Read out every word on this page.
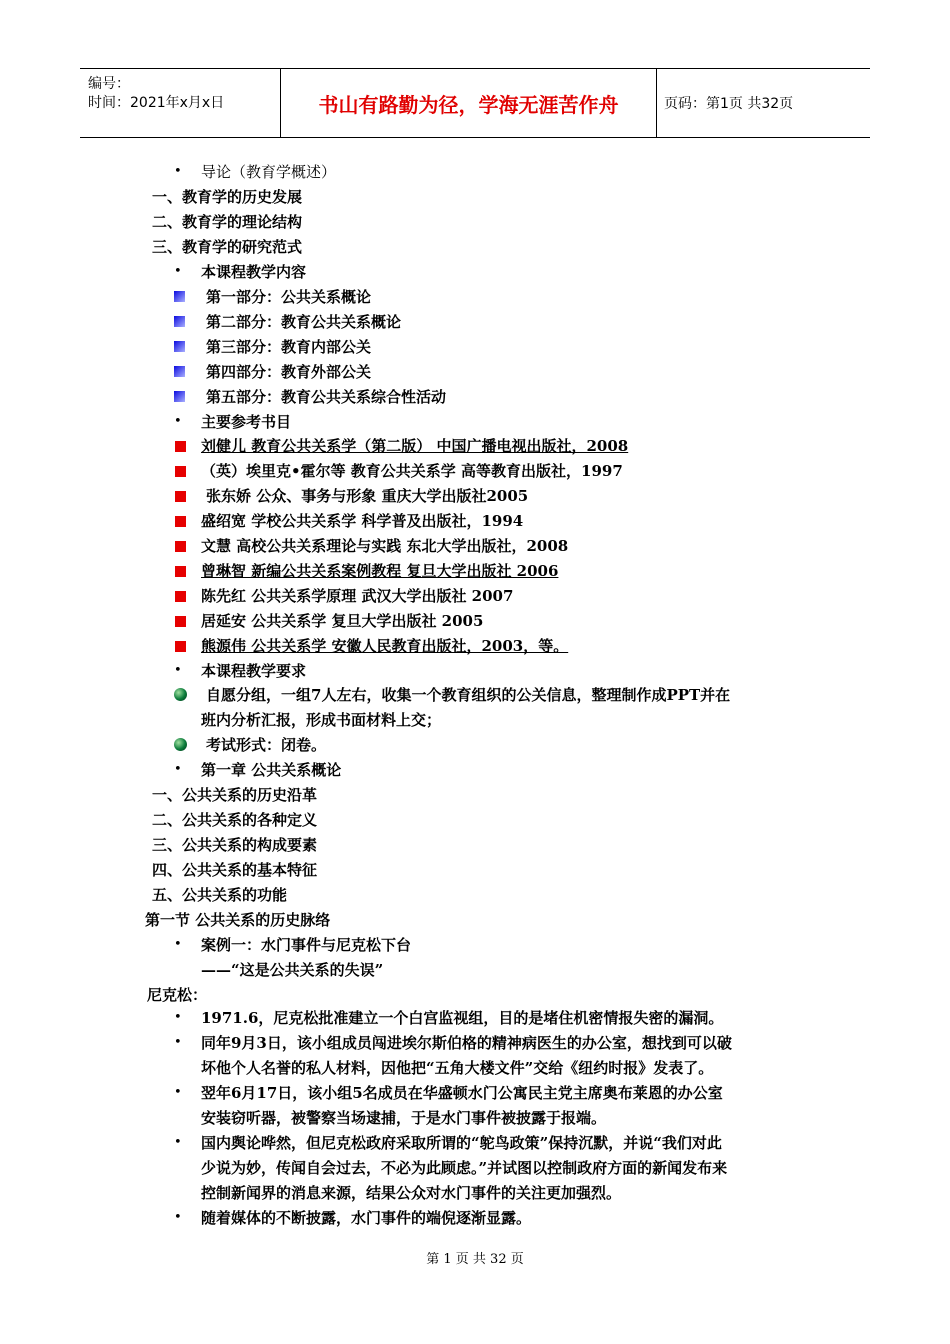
编号：
时间：2021年x月x日	书山有路勤为径，学海无涯苦作舟	页码：第1页 共32页
• 导论（教育学概述）
一、教育学的历史发展
二、教育学的理论结构
三、教育学的研究范式
• 本课程教学内容
第一部分：公共关系概论
第二部分：教育公共关系概论
第三部分：教育内部公关
第四部分：教育外部公关
第五部分：教育公共关系综合性活动
• 主要参考书目
刘健儿 教育公共关系学（第二版） 中国广播电视出版社，2008
（英）埃里克•霍尔等 教育公共关系学 高等教育出版社，1997
张东娇 公众、事务与形象 重庆大学出版社2005
盛绍宽 学校公共关系学 科学普及出版社，1994
文慧 高校公共关系理论与实践 东北大学出版社，2008
曾琳智 新编公共关系案例教程 复旦大学出版社 2006
陈先红 公共关系学原理 武汉大学出版社 2007
居延安 公共关系学 复旦大学出版社 2005
熊源伟 公共关系学 安徽人民教育出版社，2003，等。
• 本课程教学要求
自愿分组，一组7人左右，收集一个教育组织的公关信息，整理制作成PPT并在
班内分析汇报，形成书面材料上交；
考试形式：闭卷。
• 第一章 公共关系概论
一、公共关系的历史沿革
二、公共关系的各种定义
三、公共关系的构成要素
四、公共关系的基本特征
五、公共关系的功能
第一节 公共关系的历史脉络
• 案例一：水门事件与尼克松下台
——“这是公共关系的失误”
尼克松：
• 1971.6，尼克松批准建立一个白宫监视组，目的是堵住机密情报失密的漏洞。
• 同年9月3日，该小组成员闯进埃尔斯伯格的精神病医生的办公室，想找到可以破
坏他个人名誉的私人材料，因他把“五角大楼文件”交给《纽约时报》发表了。
• 翌年6月17日，该小组5名成员在华盛顿水门公寓民主党主席奥布莱恩的办公室
安装窃听器，被警察当场逮捕，于是水门事件被披露于报端。
• 国内舆论哗然，但尼克松政府采取所谓的“鸵鸟政策”保持沉默，并说“我们对此
少说为妙，传闻自会过去，不必为此顾虑。”并试图以控制政府方面的新闻发布来
控制新闻界的消息来源，结果公众对水门事件的关注更加强烈。
• 随着媒体的不断披露，水门事件的端倪逐渐显露。
第 1 页 共 32 页
